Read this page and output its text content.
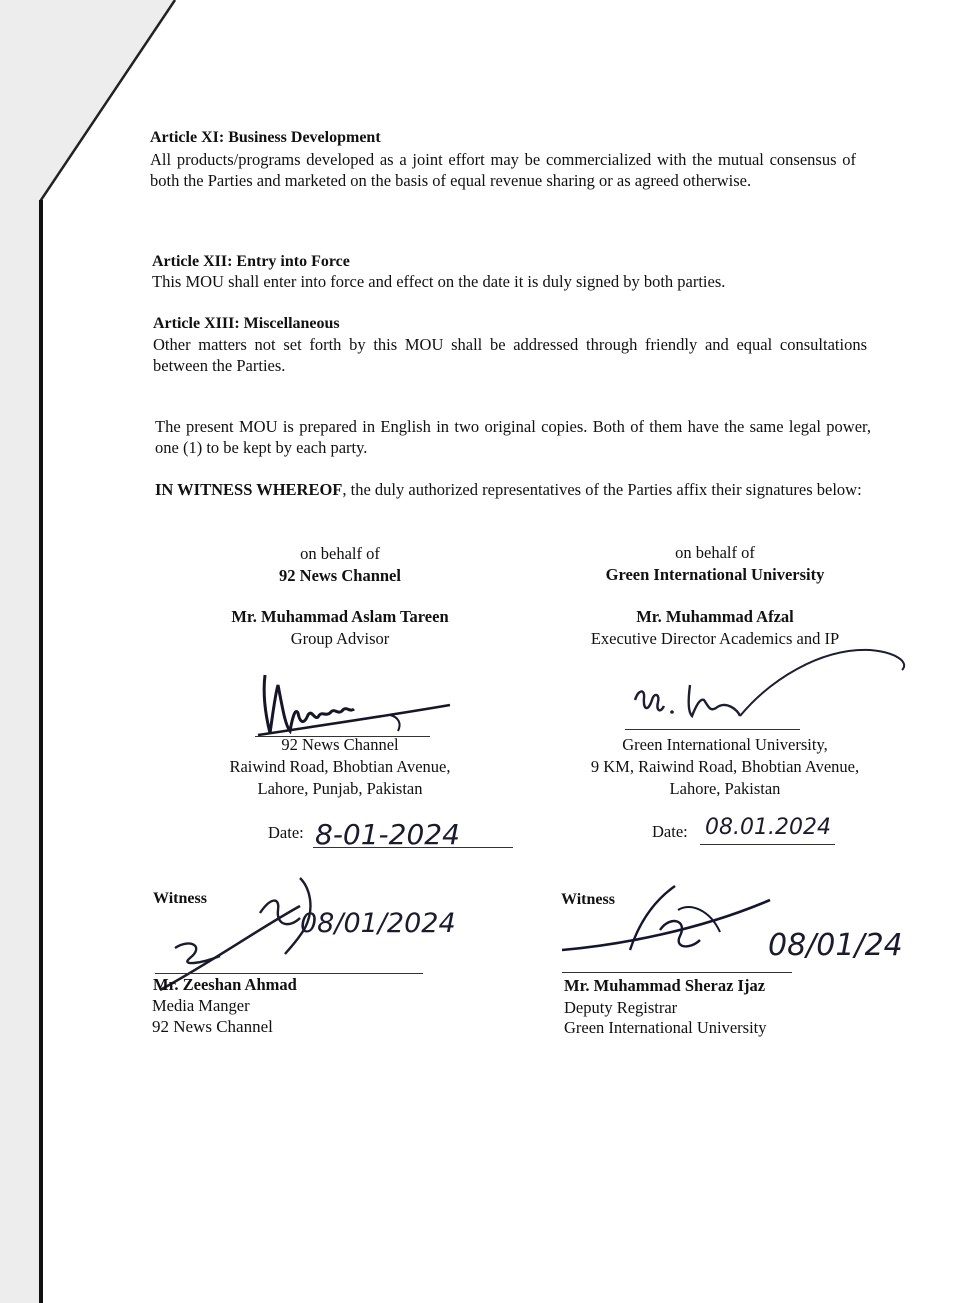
Article XI: Business Development
All products/programs developed as a joint effort may be commercialized with the mutual consensus of both the Parties and marketed on the basis of equal revenue sharing or as agreed otherwise.
Article XII: Entry into Force
This MOU shall enter into force and effect on the date it is duly signed by both parties.
Article XIII: Miscellaneous
Other matters not set forth by this MOU shall be addressed through friendly and equal consultations between the Parties.
The present MOU is prepared in English in two original copies. Both of them have the same legal power, one (1) to be kept by each party.
IN WITNESS WHEREOF, the duly authorized representatives of the Parties affix their signatures below:
on behalf of
92 News Channel
Mr. Muhammad Aslam Tareen
Group Advisor
92 News Channel
Raiwind Road, Bhobtian Avenue,
Lahore, Punjab, Pakistan
Date: 8-01-2024
on behalf of
Green International University
Mr. Muhammad Afzal
Executive Director Academics and IP
Green International University,
9 KM, Raiwind Road, Bhobtian Avenue,
Lahore, Pakistan
Date: 08.01.2024
Witness
08/01/2024
Mr. Zeeshan Ahmad
Media Manger
92 News Channel
Witness
08/01/24
Mr. Muhammad Sheraz Ijaz
Deputy Registrar
Green International University
